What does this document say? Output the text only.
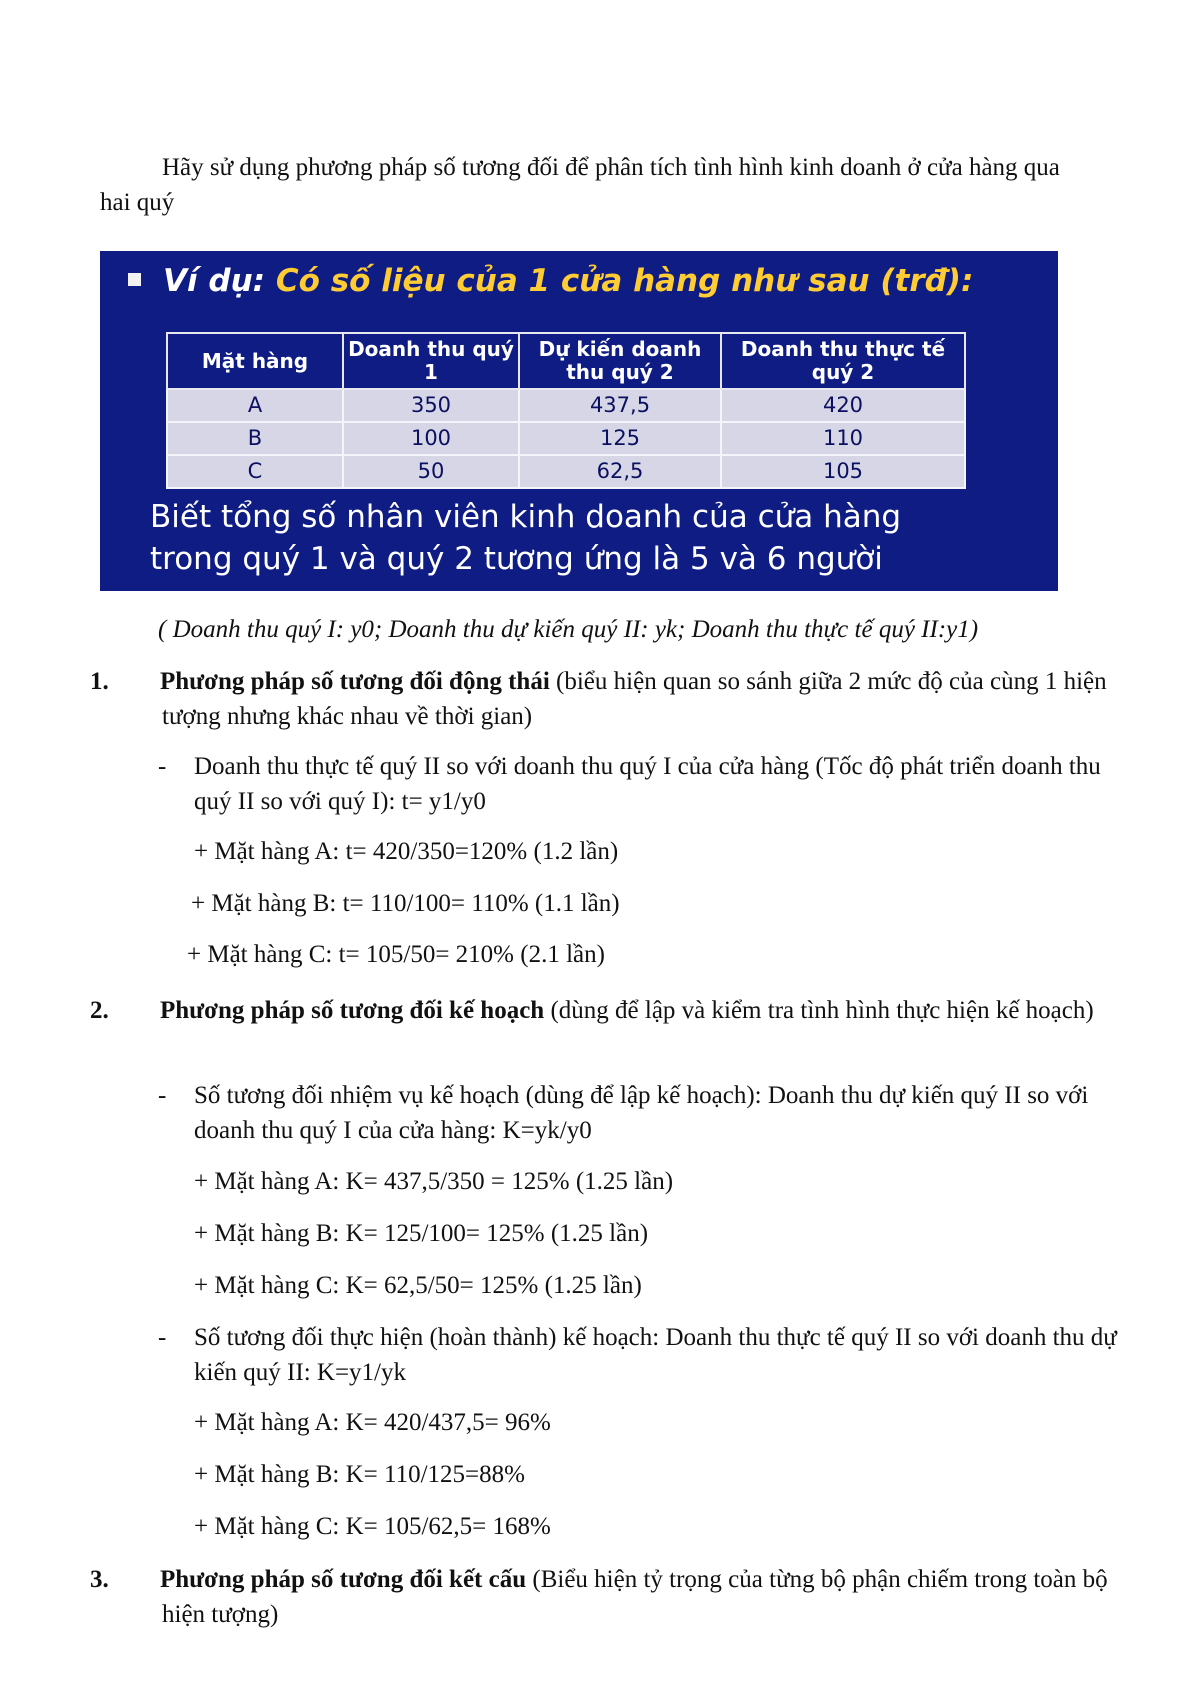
Hãy sử dụng phương pháp số tương đối để phân tích tình hình kinh doanh ở cửa hàng qua hai quý
Ví dụ: Có số liệu của 1 cửa hàng như sau (trđ):
Mặt hàng	Doanh thu quý 1	Dự kiến doanh thu quý 2	Doanh thu thực tế quý 2
A	350	437,5	420
B	100	125	110
C	50	62,5	105
Biết tổng số nhân viên kinh doanh của cửa hàng
trong quý 1 và quý 2 tương ứng là 5 và 6 người
( Doanh thu quý I: y0; Doanh thu dự kiến quý II: yk; Doanh thu thực tế quý II:y1)
1. Phương pháp số tương đối động thái (biểu hiện quan so sánh giữa 2 mức độ của cùng 1 hiện tượng nhưng khác nhau về thời gian)
- Doanh thu thực tế quý II so với doanh thu quý I của cửa hàng (Tốc độ phát triển doanh thu quý II so với quý I): t= y1/y0
+ Mặt hàng A: t= 420/350=120% (1.2 lần)
+ Mặt hàng B: t= 110/100= 110% (1.1 lần)
+ Mặt hàng C: t= 105/50= 210% (2.1 lần)
2. Phương pháp số tương đối kế hoạch (dùng để lập và kiểm tra tình hình thực hiện kế hoạch)
- Số tương đối nhiệm vụ kế hoạch (dùng để lập kế hoạch): Doanh thu dự kiến quý II so với doanh thu quý I của cửa hàng: K=yk/y0
+ Mặt hàng A: K= 437,5/350 = 125% (1.25 lần)
+ Mặt hàng B: K= 125/100= 125% (1.25 lần)
+ Mặt hàng C: K= 62,5/50= 125% (1.25 lần)
- Số tương đối thực hiện (hoàn thành) kế hoạch: Doanh thu thực tế quý II so với doanh thu dự kiến quý II: K=y1/yk
+ Mặt hàng A: K= 420/437,5= 96%
+ Mặt hàng B: K= 110/125=88%
+ Mặt hàng C: K= 105/62,5= 168%
3. Phương pháp số tương đối kết cấu (Biểu hiện tỷ trọng của từng bộ phận chiếm trong toàn bộ hiện tượng)
